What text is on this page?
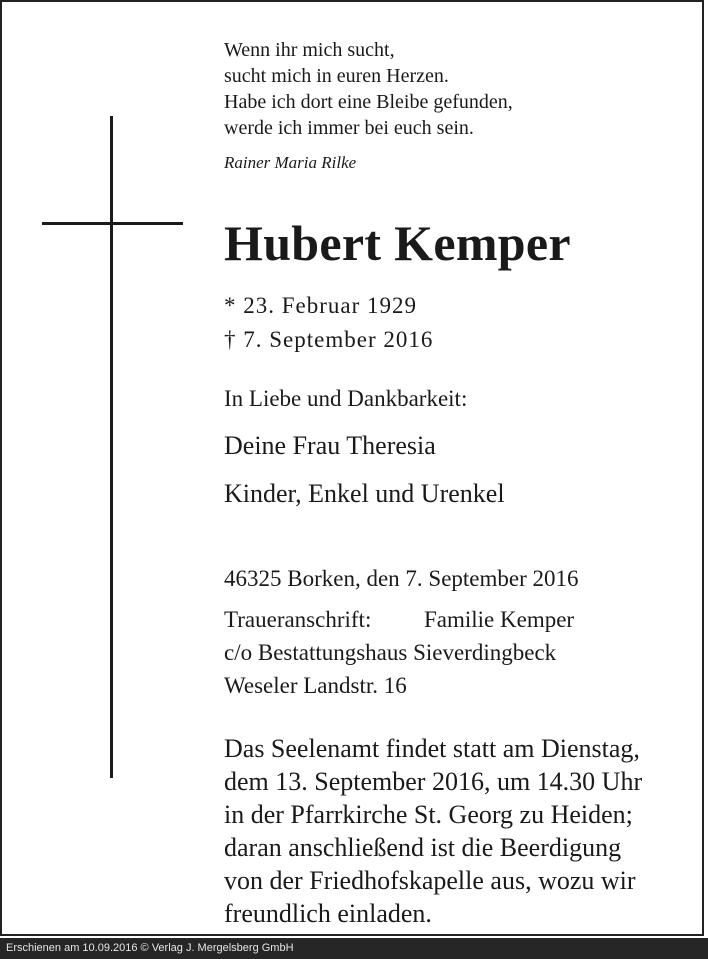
Wenn ihr mich sucht,
sucht mich in euren Herzen.
Habe ich dort eine Bleibe gefunden,
werde ich immer bei euch sein.
Rainer Maria Rilke
Hubert Kemper
* 23. Februar 1929
† 7. September 2016
In Liebe und Dankbarkeit:
Deine Frau Theresia
Kinder, Enkel und Urenkel
46325 Borken, den 7. September 2016
Traueranschrift: Familie Kemper
c/o Bestattungshaus Sieverdingbeck
Weseler Landstr. 16
Das Seelenamt findet statt am Dienstag,
dem 13. September 2016, um 14.30 Uhr
in der Pfarrkirche St. Georg zu Heiden;
daran anschließend ist die Beerdigung
von der Friedhofskapelle aus, wozu wir
freundlich einladen.
Erschienen am 10.09.2016 © Verlag J. Mergelsberg GmbH
